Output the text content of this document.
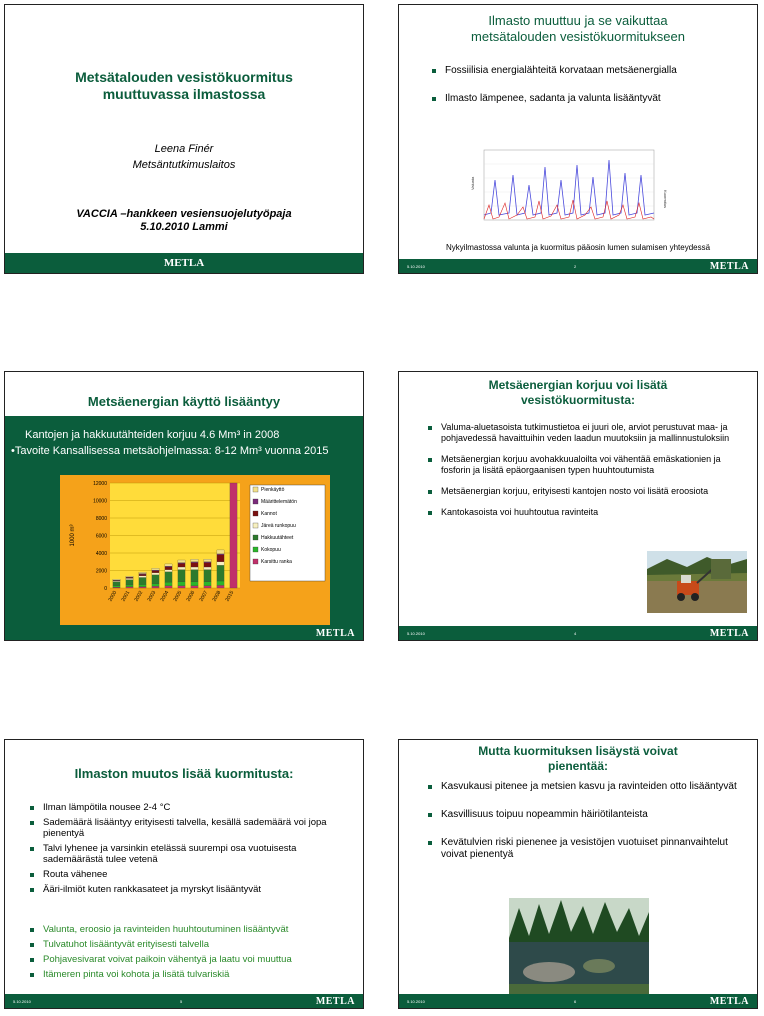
Metsätalouden vesistökuormitus
muuttuvassa ilmastossa
Leena Finér
Metsäntutkimuslaitos
VACCIA –hankkeen vesiensuojelutyöpaja
5.10.2010 Lammi
METLA
Ilmasto muuttuu ja se vaikuttaa
metsätalouden vesistökuormitukseen
Fossiilisia energialähteitä korvataan metsäenergialla
Ilmasto lämpenee, sadanta ja valunta lisääntyvät
Valunta
Kuormitus
Nykyilmastossa valunta ja kuormitus pääosin lumen sulamisen yhteydessä
5.10.2010	2	METLA
Metsäenergian käyttö lisääntyy
Kantojen ja hakkuutähteiden korjuu 4.6 Mm³ in 2008
•Tavoite Kansallisessa metsäohjelmassa: 8-12 Mm³ vuonna 2015
0
2000
4000
6000
8000
10000
12000
1000 m³
2000 2001 2002 2003 2004 2005 2006 2007 2008 2015
Pienkäyttö
Määrittelemätön
Kannot
Järeä runkopuu
Hakkuutähteet
Kokopuu
Karsittu ranka
METLA
Metsäenergian korjuu voi lisätä
vesistökuormitusta:
Valuma-aluetasoista tutkimustietoa ei juuri ole, arviot perustuvat maa- ja pohjavedessä havaittuihin veden laadun muutoksiin ja mallinnustuloksiin
Metsäenergian korjuu avohakkuualoilta voi vähentää emäskationien ja fosforin ja lisätä epäorgaanisen typen huuhtoutumista
Metsäenergian korjuu, erityisesti kantojen nosto voi lisätä eroosiota
Kantokasoista voi huuhtoutua ravinteita
5.10.2010	4	METLA
Ilmaston muutos lisää kuormitusta:
Ilman lämpötila nousee 2-4 °C
Sademäärä lisääntyy erityisesti talvella, kesällä sademäärä voi jopa pienentyä
Talvi lyhenee ja varsinkin etelässä suurempi osa vuotuisesta sademäärästä tulee vetenä
Routa vähenee
Ääri-ilmiöt kuten rankkasateet ja myrskyt lisääntyvät
Valunta, eroosio ja ravinteiden huuhtoutuminen lisääntyvät
Tulvatuhot lisääntyvät erityisesti talvella
Pohjavesivarat voivat paikoin vähentyä ja laatu voi muuttua
Itämeren pinta voi kohota ja lisätä tulvariskiä
5.10.2010	5	METLA
Mutta kuormituksen lisäystä voivat
pienentää:
Kasvukausi pitenee ja metsien kasvu ja ravinteiden otto lisääntyvät
Kasvillisuus toipuu nopeammin häiriötilanteista
Kevätulvien riski pienenee ja vesistöjen vuotuiset pinnanvaihtelut voivat pienentyä
5.10.2010	6	METLA
